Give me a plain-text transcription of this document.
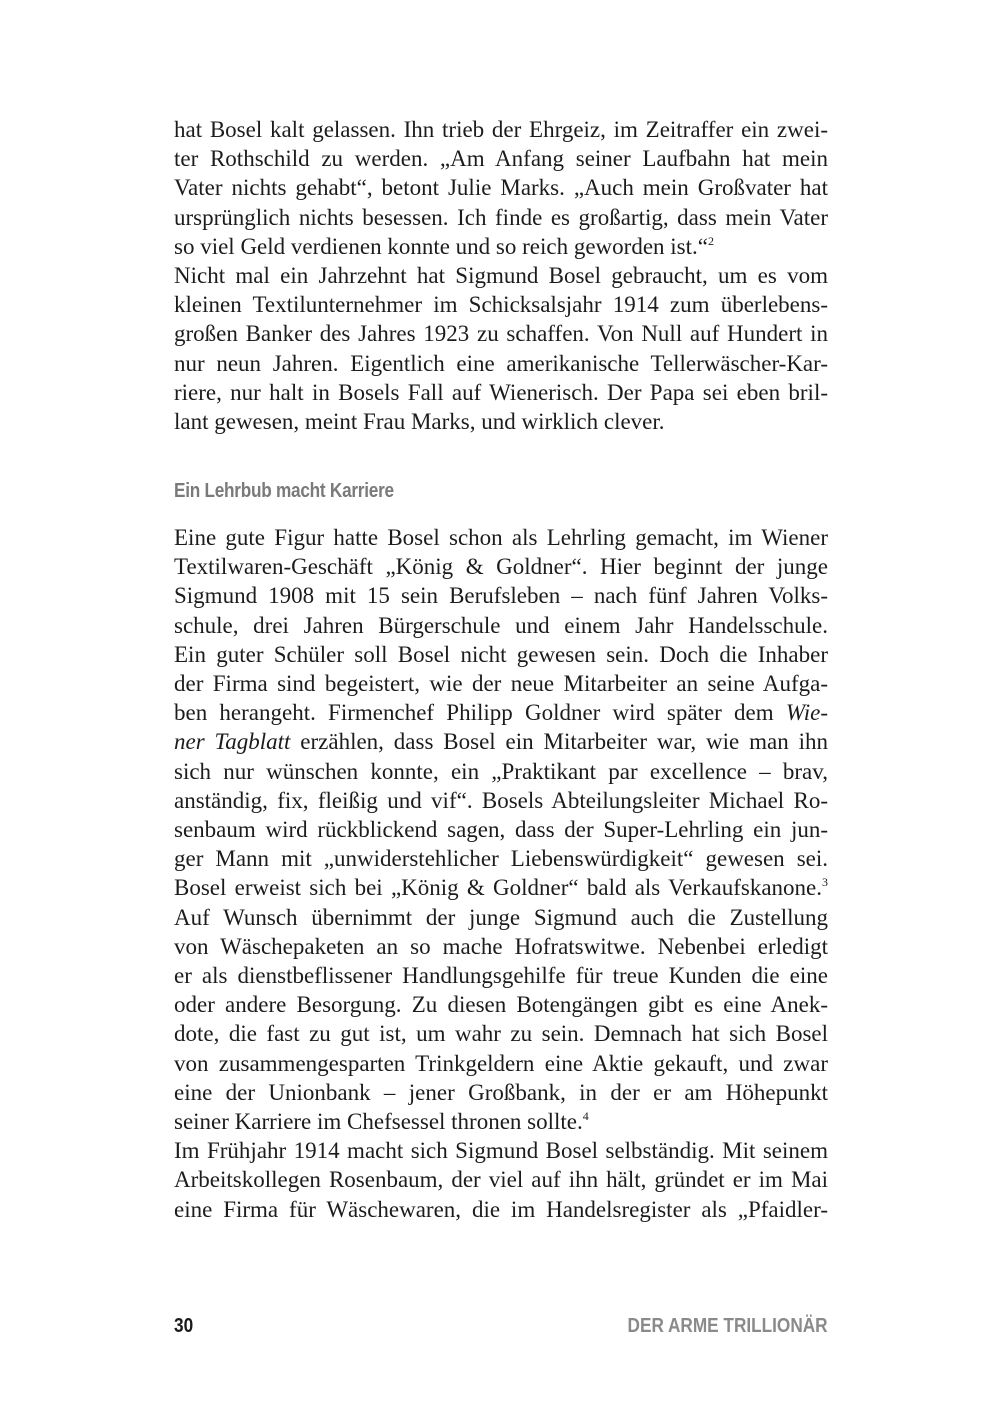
hat Bosel kalt gelassen. Ihn trieb der Ehrgeiz, im Zeitraffer ein zwei-
ter Rothschild zu werden. „Am Anfang seiner Laufbahn hat mein
Vater nichts gehabt“, betont Julie Marks. „Auch mein Großvater hat
ursprünglich nichts besessen. Ich finde es großartig, dass mein Vater
so viel Geld verdienen konnte und so reich geworden ist.“$^2$
Nicht mal ein Jahrzehnt hat Sigmund Bosel gebraucht, um es vom
kleinen Textilunternehmer im Schicksalsjahr 1914 zum überlebens-
großen Banker des Jahres 1923 zu schaffen. Von Null auf Hundert in
nur neun Jahren. Eigentlich eine amerikanische Tellerwäscher-Kar-
riere, nur halt in Bosels Fall auf Wienerisch. Der Papa sei eben bril-
lant gewesen, meint Frau Marks, und wirklich clever.
Ein Lehrbub macht Karriere
Eine gute Figur hatte Bosel schon als Lehrling gemacht, im Wiener
Textilwaren-Geschäft „König & Goldner“. Hier beginnt der junge
Sigmund 1908 mit 15 sein Berufsleben – nach fünf Jahren Volks-
schule, drei Jahren Bürgerschule und einem Jahr Handelsschule.
Ein guter Schüler soll Bosel nicht gewesen sein. Doch die Inhaber
der Firma sind begeistert, wie der neue Mitarbeiter an seine Aufga-
ben herangeht. Firmenchef Philipp Goldner wird später dem Wie-
ner Tagblatt erzählen, dass Bosel ein Mitarbeiter war, wie man ihn
sich nur wünschen konnte, ein „Praktikant par excellence – brav,
anständig, fix, fleißig und vif“. Bosels Abteilungsleiter Michael Ro-
senbaum wird rückblickend sagen, dass der Super-Lehrling ein jun-
ger Mann mit „unwiderstehlicher Liebenswürdigkeit“ gewesen sei.
Bosel erweist sich bei „König & Goldner“ bald als Verkaufskanone.$^3$
Auf Wunsch übernimmt der junge Sigmund auch die Zustellung
von Wäschepaketen an so mache Hofratswitwe. Nebenbei erledigt
er als dienstbeflissener Handlungsgehilfe für treue Kunden die eine
oder andere Besorgung. Zu diesen Botengängen gibt es eine Anek-
dote, die fast zu gut ist, um wahr zu sein. Demnach hat sich Bosel
von zusammengesparten Trinkgeldern eine Aktie gekauft, und zwar
eine der Unionbank – jener Großbank, in der er am Höhepunkt
seiner Karriere im Chefsessel thronen sollte.$^4$
Im Frühjahr 1914 macht sich Sigmund Bosel selbständig. Mit seinem
Arbeitskollegen Rosenbaum, der viel auf ihn hält, gründet er im Mai
eine Firma für Wäschewaren, die im Handelsregister als „Pfaidler-
30	DER ARME TRILLIONÄR
